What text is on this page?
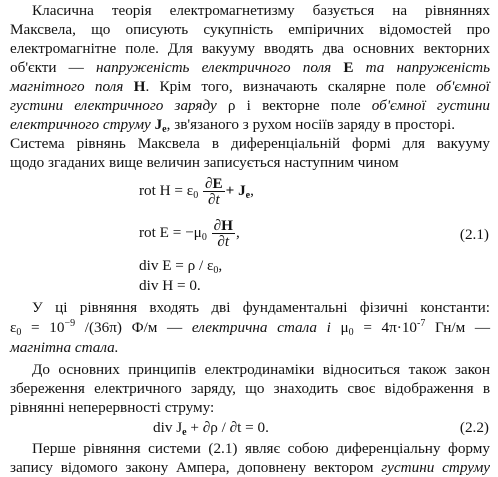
Класична теорія електромагнетизму базується на рівняннях
Максвела, що описують сукупність емпіричних відомостей про
електромагнітне поле. Для вакууму вводять два основних векторних
об'єкти — напруженість електричного поля E та напруженість
магнітного поля H. Крім того, визначають скалярне поле об'ємної
густини електричного заряду ρ і векторне поле об'ємної густини
електричного струму $J_e$, зв'язаного з рухом носіїв заряду в просторі.
Система рівнянь Максвела в диференціальній формі для вакууму
щодо згаданих вище величин записується наступним чином
rot $H = \varepsilon_0 \frac{\partial E}{\partial t} + J_e$,
rot $E = -\mu_0 \frac{\partial H}{\partial t}$ ,	(2.1)
div $E = \rho / \varepsilon_0$,
div H = 0.
У ці рівняння входять дві фундаментальні фізичні константи:
$\varepsilon_0 = 10^{-9}$ /(36π) Ф/м — електрична стала і $\mu_0 = 4\pi\cdot 10^{-7}$ Гн/м —
магнітна стала.
До основних принципів електродинаміки відноситься також закон
збереження електричного заряду, що знаходить своє відображення в
рівнянні неперервності струму:
div $J_e + \partial\rho / \partial t = 0$.	(2.2)
Перше рівняння системи (2.1) являє собою диференціальну форму
запису відомого закону Ампера, доповнену вектором густини струму
